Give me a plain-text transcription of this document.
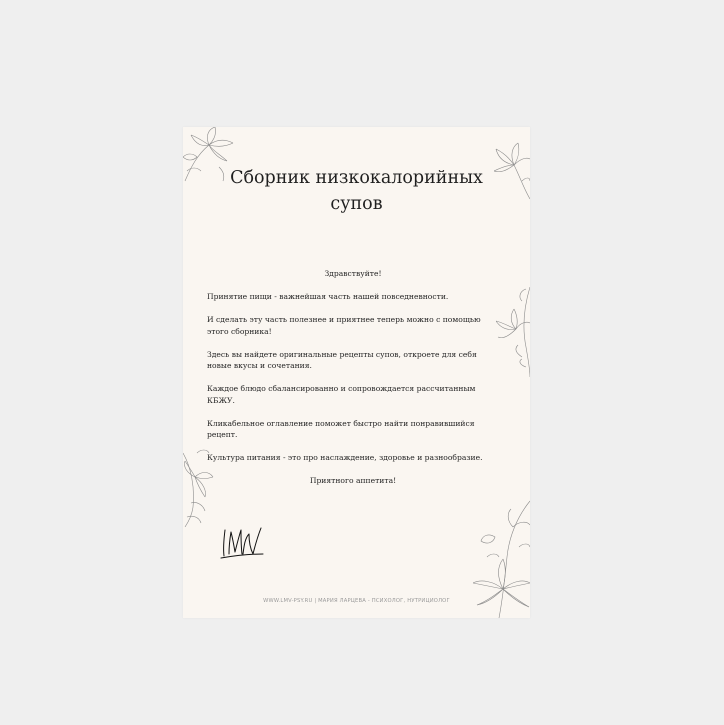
Сборник низкокалорийных
супов

Здравствуйте!

Принятие пищи - важнейшая часть нашей повседневности.

И сделать эту часть полезнее и приятнее теперь можно с помощью этого сборника!

Здесь вы найдете оригинальные рецепты супов, откроете для себя новые вкусы и сочетания.

Каждое блюдо сбалансированно и сопровождается рассчитанным КБЖУ.

Кликабельное оглавление поможет быстро найти понравившийся рецепт.

Культура питания - это про наслаждение, здоровье и разнообразие.

Приятного аппетита!

WWW.LMV-PSY.RU | МАРИЯ ЛАРЦЕВА - ПСИХОЛОГ, НУТРИЦИОЛОГ
